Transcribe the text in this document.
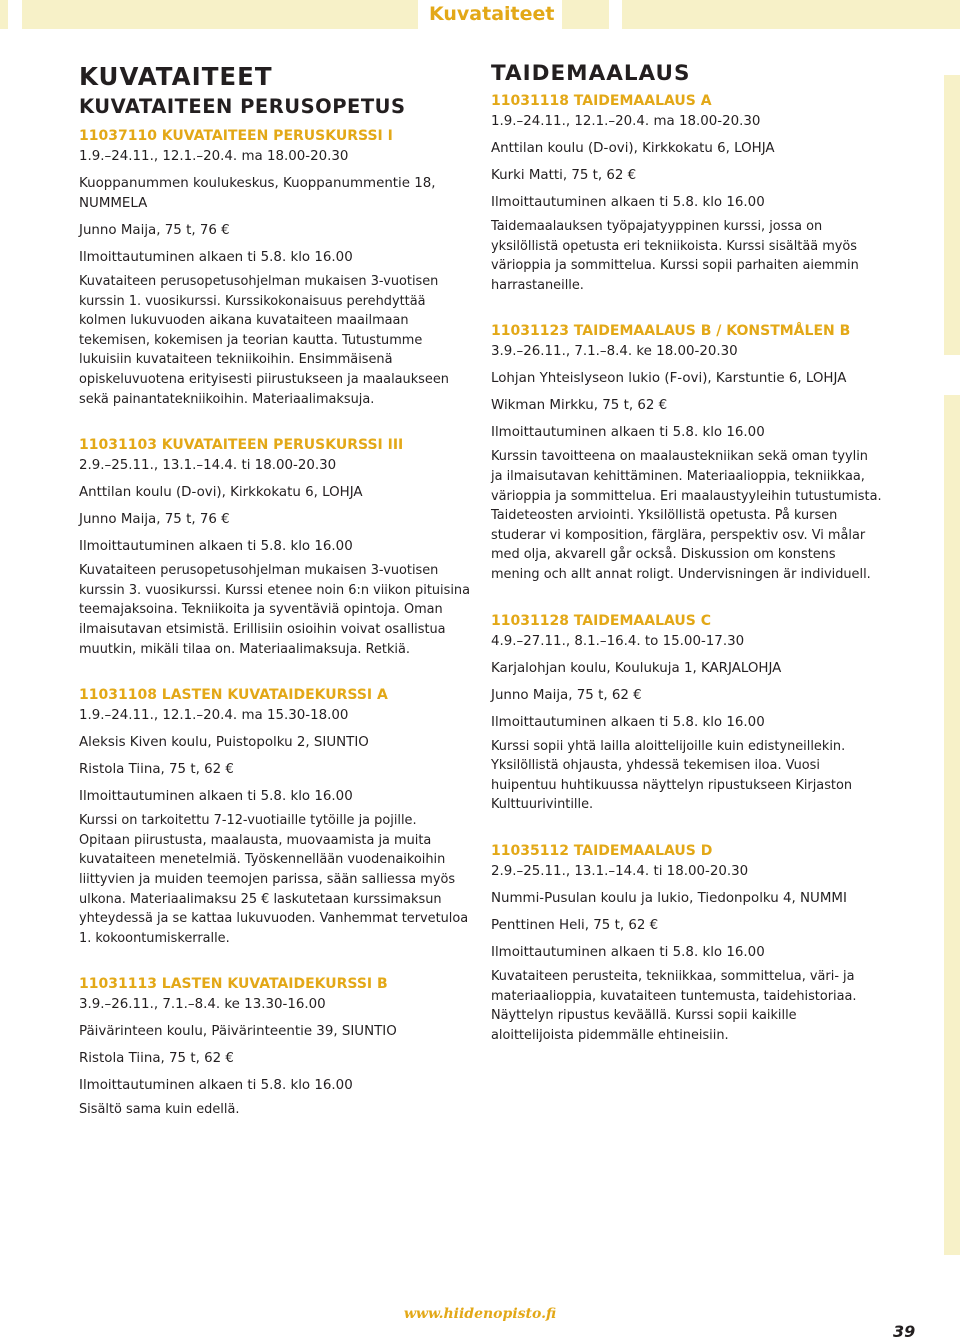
Kuvataiteet
KUVATAITEET
KUVATAITEEN PERUSOPETUS
11037110 KUVATAITEEN PERUSKURSSI I
1.9.–24.11., 12.1.–20.4. ma 18.00-20.30
Kuoppanummen koulukeskus, Kuoppanummentie 18, NUMMELA
Junno Maija, 75 t, 76 €
Ilmoittautuminen alkaen ti 5.8. klo 16.00
Kuvataiteen perusopetusohjelman mukaisen 3-vuotisen kurssin 1. vuosikurssi. Kurssikokonaisuus perehdyttää kolmen lukuvuoden aikana kuvataiteen maailmaan tekemisen, kokemisen ja teorian kautta. Tutustumme lukuisiin kuvataiteen tekniikoihin. Ensimmäisenä opiskeluvuotena erityisesti piirustukseen ja maalaukseen sekä painantatekniikoihin. Materiaalimaksuja.
11031103 KUVATAITEEN PERUSKURSSI III
2.9.–25.11., 13.1.–14.4. ti 18.00-20.30
Anttilan koulu (D-ovi), Kirkkokatu 6, LOHJA
Junno Maija, 75 t, 76 €
Ilmoittautuminen alkaen ti 5.8. klo 16.00
Kuvataiteen perusopetusohjelman mukaisen 3-vuotisen kurssin 3. vuosikurssi. Kurssi etenee noin 6:n viikon pituisina teemajaksoina. Tekniikoita ja syventäviä opintoja. Oman ilmaisutavan etsimistä. Erillisiin osioihin voivat osallistua muutkin, mikäli tilaa on. Materiaalimaksuja. Retkiä.
11031108 LASTEN KUVATAIDEKURSSI A
1.9.–24.11., 12.1.–20.4. ma 15.30-18.00
Aleksis Kiven koulu, Puistopolku 2, SIUNTIO
Ristola Tiina, 75 t, 62 €
Ilmoittautuminen alkaen ti 5.8. klo 16.00
Kurssi on tarkoitettu 7-12-vuotiaille tytöille ja pojille. Opitaan piirustusta, maalausta, muovaamista ja muita kuvataiteen menetelmiä. Työskennellään vuodenaikoihin liittyvien ja muiden teemojen parissa, sään salliessa myös ulkona. Materiaalimaksu 25 € laskutetaan kurssimaksun yhteydessä ja se kattaa lukuvuoden. Vanhemmat tervetuloa 1. kokoontumiskerralle.
11031113 LASTEN KUVATAIDEKURSSI B
3.9.–26.11., 7.1.–8.4. ke 13.30-16.00
Päivärinteen koulu, Päivärinteentie 39, SIUNTIO
Ristola Tiina, 75 t, 62 €
Ilmoittautuminen alkaen ti 5.8. klo 16.00
Sisältö sama kuin edellä.
TAIDEMAALAUS
11031118 TAIDEMAALAUS A
1.9.–24.11., 12.1.–20.4. ma 18.00-20.30
Anttilan koulu (D-ovi), Kirkkokatu 6, LOHJA
Kurki Matti, 75 t, 62 €
Ilmoittautuminen alkaen ti 5.8. klo 16.00
Taidemaalauksen työpajatyyppinen kurssi, jossa on yksilöllistä opetusta eri tekniikoista. Kurssi sisältää myös värioppia ja sommittelua. Kurssi sopii parhaiten aiemmin harrastaneille.
11031123 TAIDEMAALAUS B / KONSTMÅLEN B
3.9.–26.11., 7.1.–8.4. ke 18.00-20.30
Lohjan Yhteislyseon lukio (F-ovi), Karstuntie 6, LOHJA
Wikman Mirkku, 75 t, 62 €
Ilmoittautuminen alkaen ti 5.8. klo 16.00
Kurssin tavoitteena on maalaustekniikan sekä oman tyylin ja ilmaisutavan kehittäminen. Materiaalioppia, tekniikkaa, värioppia ja sommittelua. Eri maalaustyyleihin tutustumista. Taideteosten arviointi. Yksilöllistä opetusta. På kursen studerar vi komposition, färglära, perspektiv osv. Vi målar med olja, akvarell går också. Diskussion om konstens mening och allt annat roligt. Undervisningen är individuell.
11031128 TAIDEMAALAUS C
4.9.–27.11., 8.1.–16.4. to 15.00-17.30
Karjalohjan koulu, Koulukuja 1, KARJALOHJA
Junno Maija, 75 t, 62 €
Ilmoittautuminen alkaen ti 5.8. klo 16.00
Kurssi sopii yhtä lailla aloittelijoille kuin edistyneillekin. Yksilöllistä ohjausta, yhdessä tekemisen iloa. Vuosi huipentuu huhtikuussa näyttelyn ripustukseen Kirjaston Kulttuurivintille.
11035112 TAIDEMAALAUS D
2.9.–25.11., 13.1.–14.4. ti 18.00-20.30
Nummi-Pusulan koulu ja lukio, Tiedonpolku 4, NUMMI
Penttinen Heli, 75 t, 62 €
Ilmoittautuminen alkaen ti 5.8. klo 16.00
Kuvataiteen perusteita, tekniikkaa, sommittelua, väri- ja materiaalioppia, kuvataiteen tuntemusta, taidehistoriaa. Näyttelyn ripustus keväällä. Kurssi sopii kaikille aloittelijoista pidemmälle ehtineisiin.
www.hiidenopisto.fi
39
